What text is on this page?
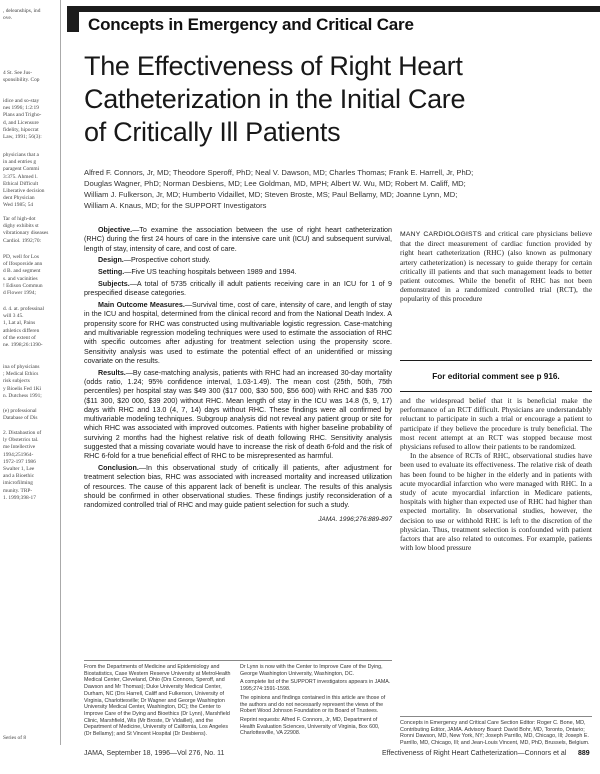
, deleanships, ind
ove.
4 St. See Jus-
sponsibility. Cop
idice and so-stay
nes 1996; 1:2:19
Plans and Trigho-
d, and Licensure
fidelity, hipocrat
Law, 1991; 56(3):
physicians that a
in and entries g
paragent Commi
3:375. Ahmed l.
Ethical Difficult
Liberative decision
dent Physician
Wed 1985; 54
Tar of high-dot
dighy exhibits st
vibrationary diseases
Cardiol. 1992;70:
PD, well for Los
of Ifosporside ann
d B. and segment
s. and vacinities
! Edison Commun
d Flower 1994;
d. 4. at. professinal
will 3 45.
1, Lat al, Pains
athletics differen
of the extent of
ne. 1998;26:1390-
ina of physicians
; Medical Ethics
risk subjects
y Bioelis Fed 1Ki
n. Dutchess 1991;
(e) professional
Database of Dis
2. Distabastion of
ly Obstetrics tal.
me Intellective
1994;251964-
1972-197 1986
Swalter 1, Lee
and a Bioethic
imicrofilming
munity. TRP-
1. 1999;398-17
Series of 8
Concepts in Emergency and Critical Care
The Effectiveness of Right Heart
Catheterization in the Initial Care
of Critically Ill Patients
Alfred F. Connors, Jr, MD; Theodore Speroff, PhD; Neal V. Dawson, MD; Charles Thomas; Frank E. Harrell, Jr, PhD;
Douglas Wagner, PhD; Norman Desbiens, MD; Lee Goldman, MD, MPH; Albert W. Wu, MD; Robert M. Califf, MD;
William J. Fulkerson, Jr, MD; Humberto Vidaillet, MD; Steven Broste, MS; Paul Bellamy, MD; Joanne Lynn, MD;
William A. Knaus, MD; for the SUPPORT Investigators

Objective.—To examine the association between the use of right heart catheterization (RHC) during the first 24 hours of care in the intensive care unit (ICU) and subsequent survival, length of stay, intensity of care, and cost of care.

Design.—Prospective cohort study.

Setting.—Five US teaching hospitals between 1989 and 1994.

Subjects.—A total of 5735 critically ill adult patients receiving care in an ICU for 1 of 9 prespecified disease categories.

Main Outcome Measures.—Survival time, cost of care, intensity of care, and length of stay in the ICU and hospital, determined from the clinical record and from the National Death Index. A propensity score for RHC was constructed using multivariable logistic regression. Case-matching and multivariable regression modeling techniques were used to estimate the association of RHC with specific outcomes after adjusting for treatment selection using the propensity score. Sensitivity analysis was used to estimate the potential effect of an unidentified or missing covariate on the results.

Results.—By case-matching analysis, patients with RHC had an increased 30-day mortality (odds ratio, 1.24; 95% confidence interval, 1.03-1.49). The mean cost (25th, 50th, 75th percentiles) per hospital stay was $49 300 ($17 000, $30 500, $56 600) with RHC and $35 700 ($11 300, $20 000, $39 200) without RHC. Mean length of stay in the ICU was 14.8 (5, 9, 17) days with RHC and 13.0 (4, 7, 14) days without RHC. These findings were all confirmed by multivariable modeling techniques. Subgroup analysis did not reveal any patient group or site for which RHC was associated with improved outcomes. Patients with higher baseline probability of surviving 2 months had the highest relative risk of death following RHC. Sensitivity analysis suggested that a missing covariate would have to increase the risk of death 6-fold and the risk of RHC 6-fold for a true beneficial effect of RHC to be misrepresented as harmful.

Conclusion.—In this observational study of critically ill patients, after adjustment for treatment selection bias, RHC was associated with increased mortality and increased utilization of resources. The cause of this apparent lack of benefit is unclear. The results of this analysis should be confirmed in other observational studies. These findings justify reconsideration of a randomized controlled trial of RHC and may guide patient selection for such a study.

JAMA. 1996;276:889-897

From the Departments of Medicine and Epidemiology and Biostatistics, Case Western Reserve University at MetroHealth Medical Center, Cleveland, Ohio (Drs Connors, Speroff, and Dawson and Mr Thomas); Duke University Medical Center, Durham, NC (Drs Harrell, Califf and Fulkerson, University of Virginia, Charlottesville; Dr Wagner and George Washington University Medical Center, Washington, DC); the Center to Improve Care of the Dying and Bioethics (Dr Lynn), Marshfield Clinic, Marshfield, Wis (Mr Broste, Dr Vidaillet), and the Department of Medicine, University of California, Los Angeles (Dr Bellamy); and St Vincent Hospital (Dr Desbiens).

Dr Lynn is now with the Center to Improve Care of the Dying, George Washington University, Washington, DC.

A complete list of the SUPPORT investigators appears in JAMA. 1995;274:1591-1598.

The opinions and findings contained in this article are those of the authors and do not necessarily represent the views of the Robert Wood Johnson Foundation or its Board of Trustees.

Reprint requests: Alfred F. Connors, Jr, MD, Department of Health Evaluation Sciences, University of Virginia, Box 600, Charlottesville, VA 22908.

MANY CARDIOLOGISTS and critical care physicians believe that the direct measurement of cardiac function provided by right heart catheterization (RHC) (also known as pulmonary artery catheterization) is necessary to guide therapy for certain critically ill patients and that such management leads to better patient outcomes. While the benefit of RHC has not been demonstrated in a randomized controlled trial (RCT), the popularity of this procedure

For editorial comment see p 916.

and the widespread belief that it is beneficial make the performance of an RCT difficult. Physicians are understandably reluctant to participate in such a trial or encourage a patient to participate if they believe the procedure is truly beneficial. The most recent attempt at an RCT was stopped because most physicians refused to allow their patients to be randomized.

In the absence of RCTs of RHC, observational studies have been used to evaluate its effectiveness. The relative risk of death has been found to be higher in the elderly and in patients with acute myocardial infarction who were managed with RHC. In a study of acute myocardial infarction in Medicare patients, hospitals with higher than expected use of RHC had higher than expected mortality. In observational studies, however, the decision to use or withhold RHC is left to the discretion of the physician. Thus, treatment selection is confounded with patient factors that are also related to outcomes. For example, patients with low blood pressure

Concepts in Emergency and Critical Care Section Editor: Roger C. Bone, MD, Contributing Editor, JAMA. Advisory Board: David Bohr, MD, Toronto, Ontario; Ronni Dawson, MD, New York, NY; Joseph Parrillo, MD, Chicago, Ill; Joseph E. Parrillo, MD, Chicago, Ill; and Jean-Louis Vincent, MD, PhD, Brussels, Belgium.
JAMA, September 18, 1996—Vol 276, No. 11	Effectiveness of Right Heart Catheterization—Connors et al 889
